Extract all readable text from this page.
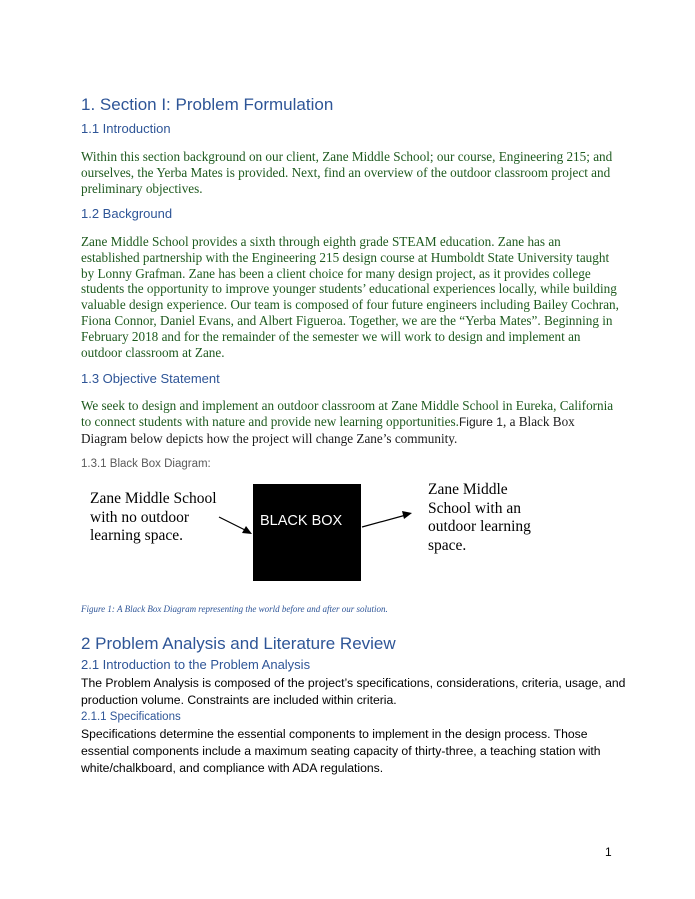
1. Section I: Problem Formulation
1.1 Introduction

Within this section background on our client, Zane Middle School; our course, Engineering 215; and ourselves, the Yerba Mates is provided. Next, find an overview of the outdoor classroom project and preliminary objectives.

1.2 Background

Zane Middle School provides a sixth through eighth grade STEAM education. Zane has an established partnership with the Engineering 215 design course at Humboldt State University taught by Lonny Grafman. Zane has been a client choice for many design project, as it provides college students the opportunity to improve younger students’ educational experiences locally, while building valuable design experience. Our team is composed of four future engineers including Bailey Cochran, Fiona Connor, Daniel Evans, and Albert Figueroa. Together, we are the “Yerba Mates”. Beginning in February 2018 and for the remainder of the semester we will work to design and implement an outdoor classroom at Zane.

1.3 Objective Statement

We seek to design and implement an outdoor classroom at Zane Middle School in Eureka, California to connect students with nature and provide new learning opportunities.Figure 1, a Black Box Diagram below depicts how the project will change Zane’s community.

1.3.1 Black Box Diagram:
Zane Middle School with no outdoor learning space.
BLACK BOX
Zane Middle School with an outdoor learning space.
Figure 1: A Black Box Diagram representing the world before and after our solution.
2 Problem Analysis and Literature Review
2.1 Introduction to the Problem Analysis

The Problem Analysis is composed of the project’s specifications, considerations, criteria, usage, and production volume. Constraints are included within criteria.

2.1.1 Specifications

Specifications determine the essential components to implement in the design process. Those essential components include a maximum seating capacity of thirty-three, a teaching station with white/chalkboard, and compliance with ADA regulations.

1
